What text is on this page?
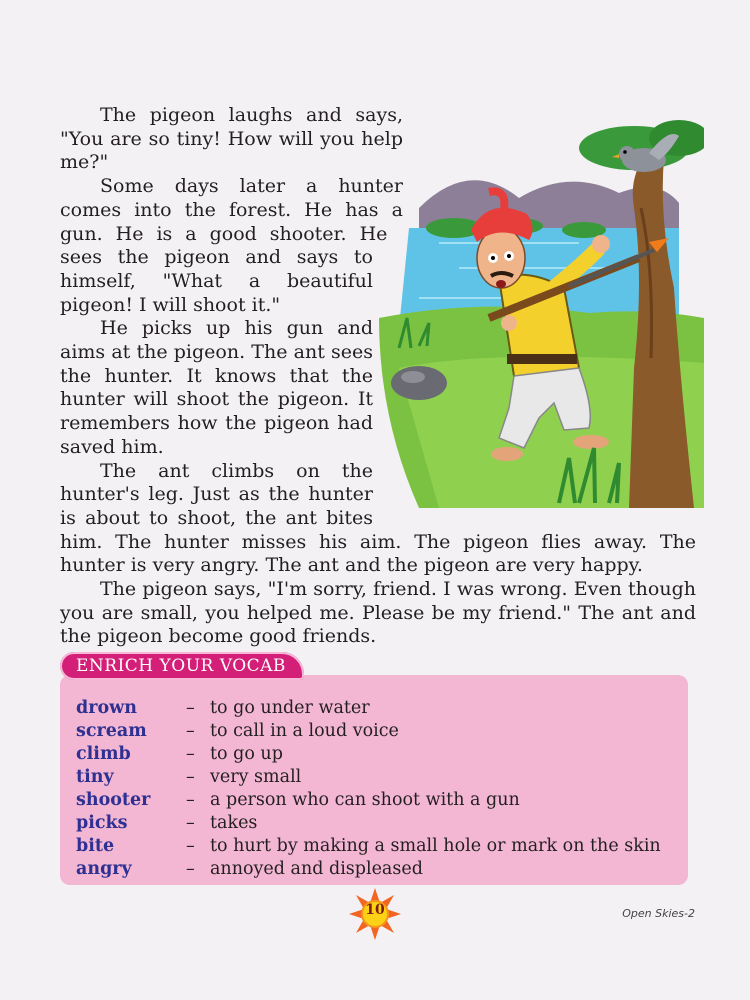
The pigeon laughs and says, "You are so tiny! How will you help me?"

Some days later a hunter comes into the forest. He has a gun. He is a good shooter. He sees the pigeon and says to himself, "What a beautiful pigeon! I will shoot it."

He picks up his gun and aims at the pigeon. The ant sees the hunter. It knows that the hunter will shoot the pigeon. It remembers how the pigeon had saved him.

The ant climbs on the hunter's leg. Just as the hunter is about to shoot, the ant bites him. The hunter misses his aim. The pigeon flies away. The hunter is very angry. The ant and the pigeon are very happy.

The pigeon says, "I'm sorry, friend. I was wrong. Even though you are small, you helped me. Please be my friend." The ant and the pigeon become good friends.

ENRICH YOUR VOCAB
drown	– to go under water
scream	– to call in a loud voice
climb	– to go up
tiny	– very small
shooter	– a person who can shoot with a gun
picks	– takes
bite	– to hurt by making a small hole or mark on the skin
angry	– annoyed and displeased
10	Open Skies-2
